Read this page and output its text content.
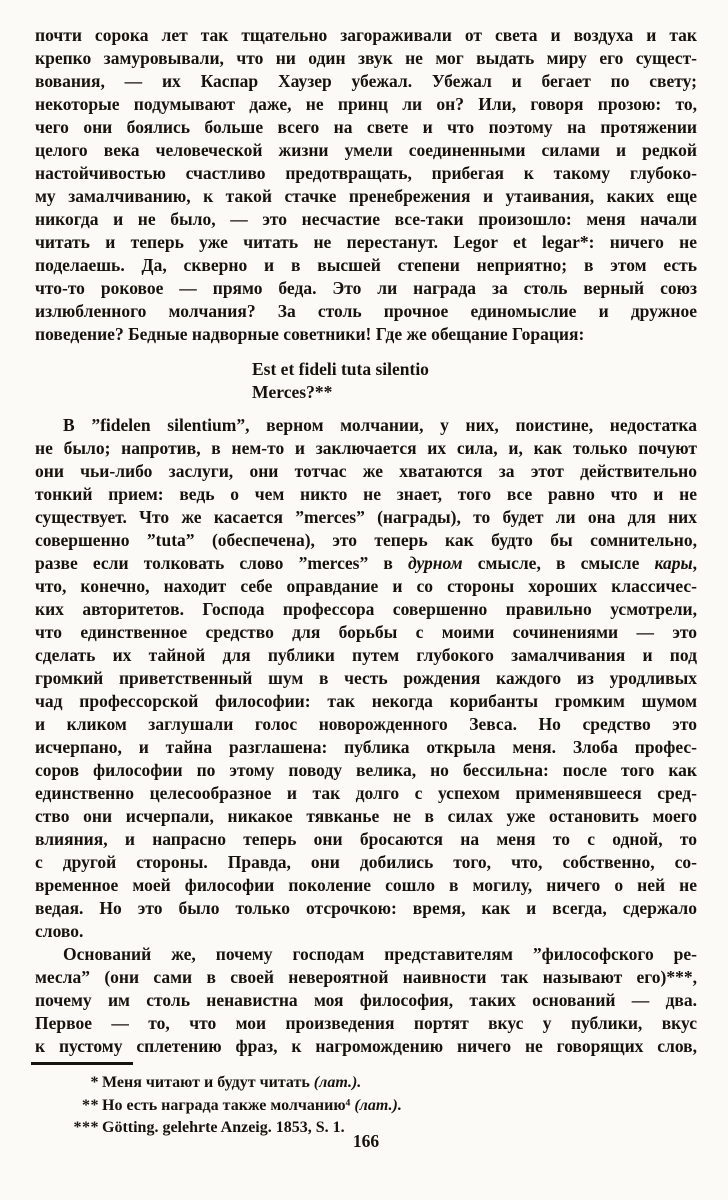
почти сорока лет так тщательно загораживали от света и воздуха и так
крепко замуровывали, что ни один звук не мог выдать миру его сущест-
вования, — их Каспар Хаузер убежал. Убежал и бегает по свету;
некоторые подумывают даже, не принц ли он? Или, говоря прозою: то,
чего они боялись больше всего на свете и что поэтому на протяжении
целого века человеческой жизни умели соединенными силами и редкой
настойчивостью счастливо предотвращать, прибегая к такому глубоко-
му замалчиванию, к такой стачке пренебрежения и утаивания, каких еще
никогда и не было, — это несчастие все-таки произошло: меня начали
читать и теперь уже читать не перестанут. Legor et legar*: ничего не
поделаешь. Да, скверно и в высшей степени неприятно; в этом есть
что-то роковое — прямо беда. Это ли награда за столь верный союз
излюбленного молчания? За столь прочное единомыслие и дружное
поведение? Бедные надворные советники! Где же обещание Горация:
Est et fideli tuta silentio
Merces?**
В ”fidelen silentium”, верном молчании, у них, поистине, недостатка
не было; напротив, в нем-то и заключается их сила, и, как только почуют
они чьи-либо заслуги, они тотчас же хватаются за этот действительно
тонкий прием: ведь о чем никто не знает, того все равно что и не
существует. Что же касается ”merces” (награды), то будет ли она для них
совершенно ”tuta” (обеспечена), это теперь как будто бы сомнительно,
разве если толковать слово ”merces” в дурном смысле, в смысле кары,
что, конечно, находит себе оправдание и со стороны хороших классичес-
ких авторитетов. Господа профессора совершенно правильно усмотрели,
что единственное средство для борьбы с моими сочинениями — это
сделать их тайной для публики путем глубокого замалчивания и под
громкий приветственный шум в честь рождения каждого из уродливых
чад профессорской философии: так некогда корибанты громким шумом
и кликом заглушали голос новорожденного Зевса. Но средство это
исчерпано, и тайна разглашена: публика открыла меня. Злоба профес-
соров философии по этому поводу велика, но бессильна: после того как
единственно целесообразное и так долго с успехом применявшееся сред-
ство они исчерпали, никакое тявканье не в силах уже остановить моего
влияния, и напрасно теперь они бросаются на меня то с одной, то
с другой стороны. Правда, они добились того, что, собственно, со-
временное моей философии поколение сошло в могилу, ничего о ней не
ведая. Но это было только отсрочкою: время, как и всегда, сдержало
слово.
Оснований же, почему господам представителям ”философского ре-
месла” (они сами в своей невероятной наивности так называют его)***,
почему им столь ненавистна моя философия, таких оснований — два.
Первое — то, что мои произведения портят вкус у публики, вкус
к пустому сплетению фраз, к нагромождению ничего не говорящих слов,
* Меня читают и будут читать (лат.).
** Но есть награда также молчанию⁴ (лат.).
*** Götting. gelehrte Anzeig. 1853, S. 1.
166
